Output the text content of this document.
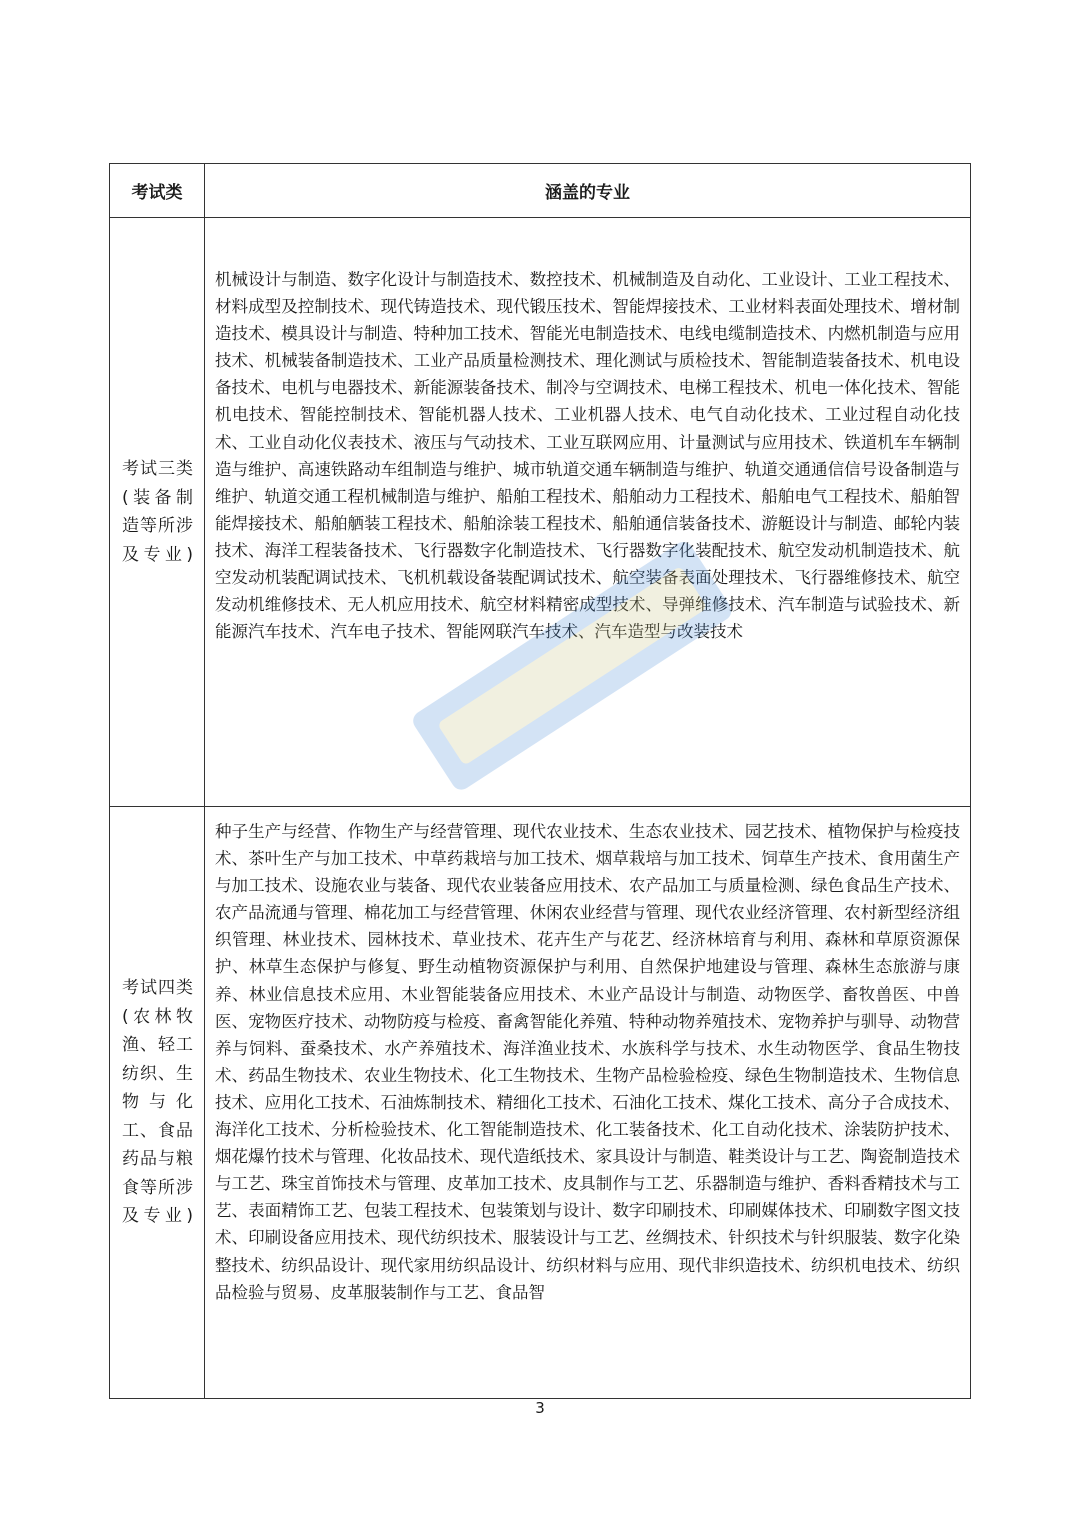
考试类	涵盖的专业
考试三类(装备制造等所涉及专业)	机械设计与制造、数字化设计与制造技术、数控技术、机械制造及自动化、工业设计、工业工程技术、材料成型及控制技术、现代铸造技术、现代锻压技术、智能焊接技术、工业材料表面处理技术、增材制造技术、模具设计与制造、特种加工技术、智能光电制造技术、电线电缆制造技术、内燃机制造与应用技术、机械装备制造技术、工业产品质量检测技术、理化测试与质检技术、智能制造装备技术、机电设备技术、电机与电器技术、新能源装备技术、制冷与空调技术、电梯工程技术、机电一体化技术、智能机电技术、智能控制技术、智能机器人技术、工业机器人技术、电气自动化技术、工业过程自动化技术、工业自动化仪表技术、液压与气动技术、工业互联网应用、计量测试与应用技术、铁道机车车辆制造与维护、高速铁路动车组制造与维护、城市轨道交通车辆制造与维护、轨道交通通信信号设备制造与维护、轨道交通工程机械制造与维护、船舶工程技术、船舶动力工程技术、船舶电气工程技术、船舶智能焊接技术、船舶舾装工程技术、船舶涂装工程技术、船舶通信装备技术、游艇设计与制造、邮轮内装技术、海洋工程装备技术、飞行器数字化制造技术、飞行器数字化装配技术、航空发动机制造技术、航空发动机装配调试技术、飞机机载设备装配调试技术、航空装备表面处理技术、飞行器维修技术、航空发动机维修技术、无人机应用技术、航空材料精密成型技术、导弹维修技术、汽车制造与试验技术、新能源汽车技术、汽车电子技术、智能网联汽车技术、汽车造型与改装技术
考试四类(农林牧渔、轻工纺织、生物与化工、食品药品与粮食等所涉及专业)	种子生产与经营、作物生产与经营管理、现代农业技术、生态农业技术、园艺技术、植物保护与检疫技术、茶叶生产与加工技术、中草药栽培与加工技术、烟草栽培与加工技术、饲草生产技术、食用菌生产与加工技术、设施农业与装备、现代农业装备应用技术、农产品加工与质量检测、绿色食品生产技术、农产品流通与管理、棉花加工与经营管理、休闲农业经营与管理、现代农业经济管理、农村新型经济组织管理、林业技术、园林技术、草业技术、花卉生产与花艺、经济林培育与利用、森林和草原资源保护、林草生态保护与修复、野生动植物资源保护与利用、自然保护地建设与管理、森林生态旅游与康养、林业信息技术应用、木业智能装备应用技术、木业产品设计与制造、动物医学、畜牧兽医、中兽医、宠物医疗技术、动物防疫与检疫、畜禽智能化养殖、特种动物养殖技术、宠物养护与驯导、动物营养与饲料、蚕桑技术、水产养殖技术、海洋渔业技术、水族科学与技术、水生动物医学、食品生物技术、药品生物技术、农业生物技术、化工生物技术、生物产品检验检疫、绿色生物制造技术、生物信息技术、应用化工技术、石油炼制技术、精细化工技术、石油化工技术、煤化工技术、高分子合成技术、海洋化工技术、分析检验技术、化工智能制造技术、化工装备技术、化工自动化技术、涂装防护技术、烟花爆竹技术与管理、化妆品技术、现代造纸技术、家具设计与制造、鞋类设计与工艺、陶瓷制造技术与工艺、珠宝首饰技术与管理、皮革加工技术、皮具制作与工艺、乐器制造与维护、香料香精技术与工艺、表面精饰工艺、包装工程技术、包装策划与设计、数字印刷技术、印刷媒体技术、印刷数字图文技术、印刷设备应用技术、现代纺织技术、服装设计与工艺、丝绸技术、针织技术与针织服装、数字化染整技术、纺织品设计、现代家用纺织品设计、纺织材料与应用、现代非织造技术、纺织机电技术、纺织品检验与贸易、皮革服装制作与工艺、食品智
3
